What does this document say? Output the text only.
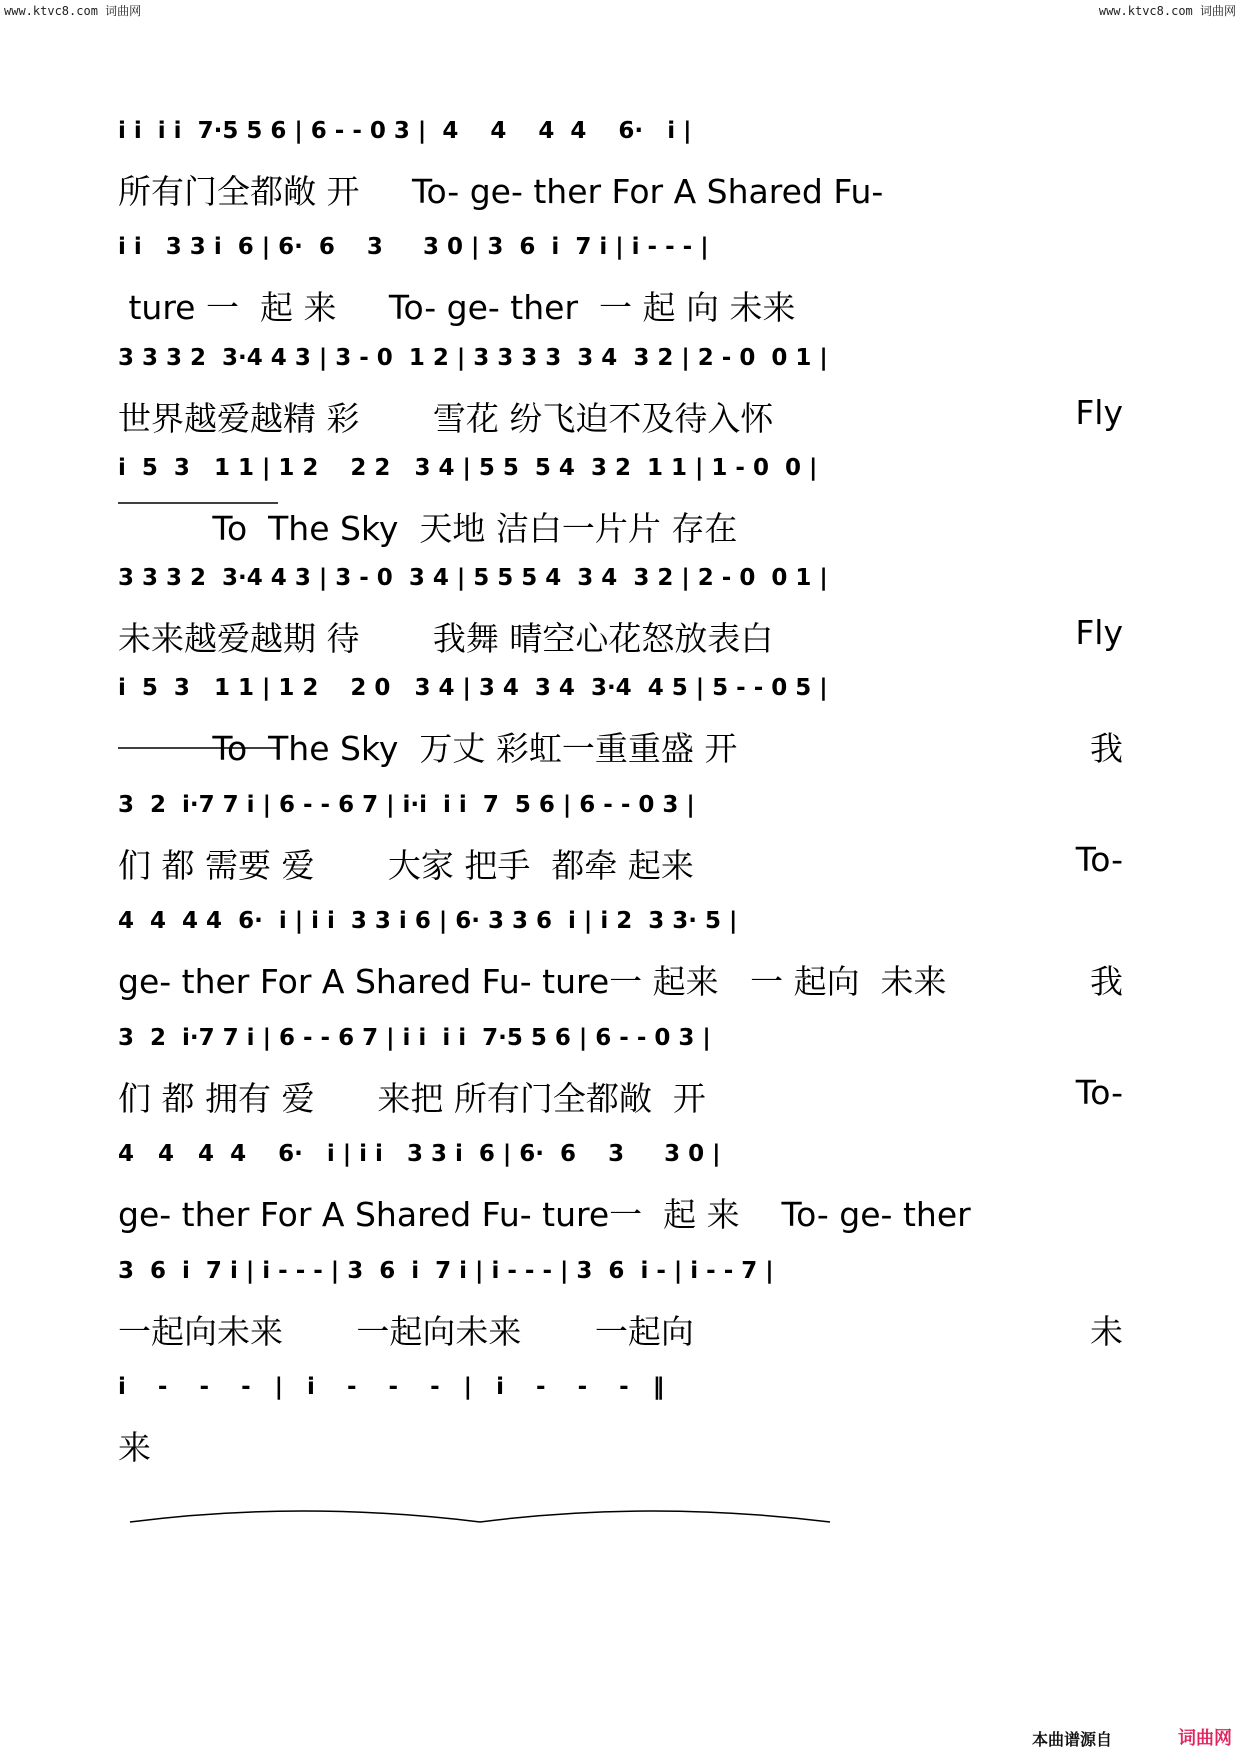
www.ktvc8.com 词曲网	www.ktvc8.com 词曲网
i i  i i  7·5 5 6 | 6 - - 0 3 |  4    4    4  4    6·   i |
所有门全都敞 开     To- ge- ther For A Shared Fu-
i i   3 3 i  6 | 6·  6    3     3 0 | 3  6  i  7 i | i - - - |
ture 一  起 来     To- ge- ther  一 起 向 未来
3 3 3 2  3·4 4 3 | 3 - 0  1 2 | 3 3 3 3  3 4  3 2 | 2 - 0  0 1 |
世界越爱越精 彩       雪花 纷飞迫不及待入怀	Fly
i  5  3   1 1 | 1 2    2 2   3 4 | 5 5  5 4  3 2  1 1 | 1 - 0  0 |
To  The Sky  天地 洁白一片片 存在
3 3 3 2  3·4 4 3 | 3 - 0  3 4 | 5 5 5 4  3 4  3 2 | 2 - 0  0 1 |
未来越爱越期 待       我舞 晴空心花怒放表白	Fly
i  5  3   1 1 | 1 2    2 0   3 4 | 3 4  3 4  3·4  4 5 | 5 - - 0 5 |
To  The Sky  万丈 彩虹一重重盛 开	我
3  2  i·7 7 i | 6 - - 6 7 | i·i  i i  7  5 6 | 6 - - 0 3 |
们 都 需要 爱       大家 把手  都牵 起来	To-
4  4  4 4  6·  i | i i  3 3 i 6 | 6· 3 3 6  i | i 2  3 3· 5 |
ge- ther For A Shared Fu- ture一 起来   一 起向  未来	我
3  2  i·7 7 i | 6 - - 6 7 | i i  i i  7·5 5 6 | 6 - - 0 3 |
们 都 拥有 爱      来把 所有门全都敞  开	To-
4   4   4  4    6·   i | i i   3 3 i  6 | 6·  6    3     3 0 |
ge- ther For A Shared Fu- ture一  起 来    To- ge- ther
3  6  i  7 i | i - - - | 3  6  i  7 i | i - - - | 3  6  i - | i - - 7 |
一起向未来       一起向未来       一起向	未
i    -    -    -   |   i    -    -    -   |   i    -    -    -   ‖
来
本曲谱源自	词曲网
